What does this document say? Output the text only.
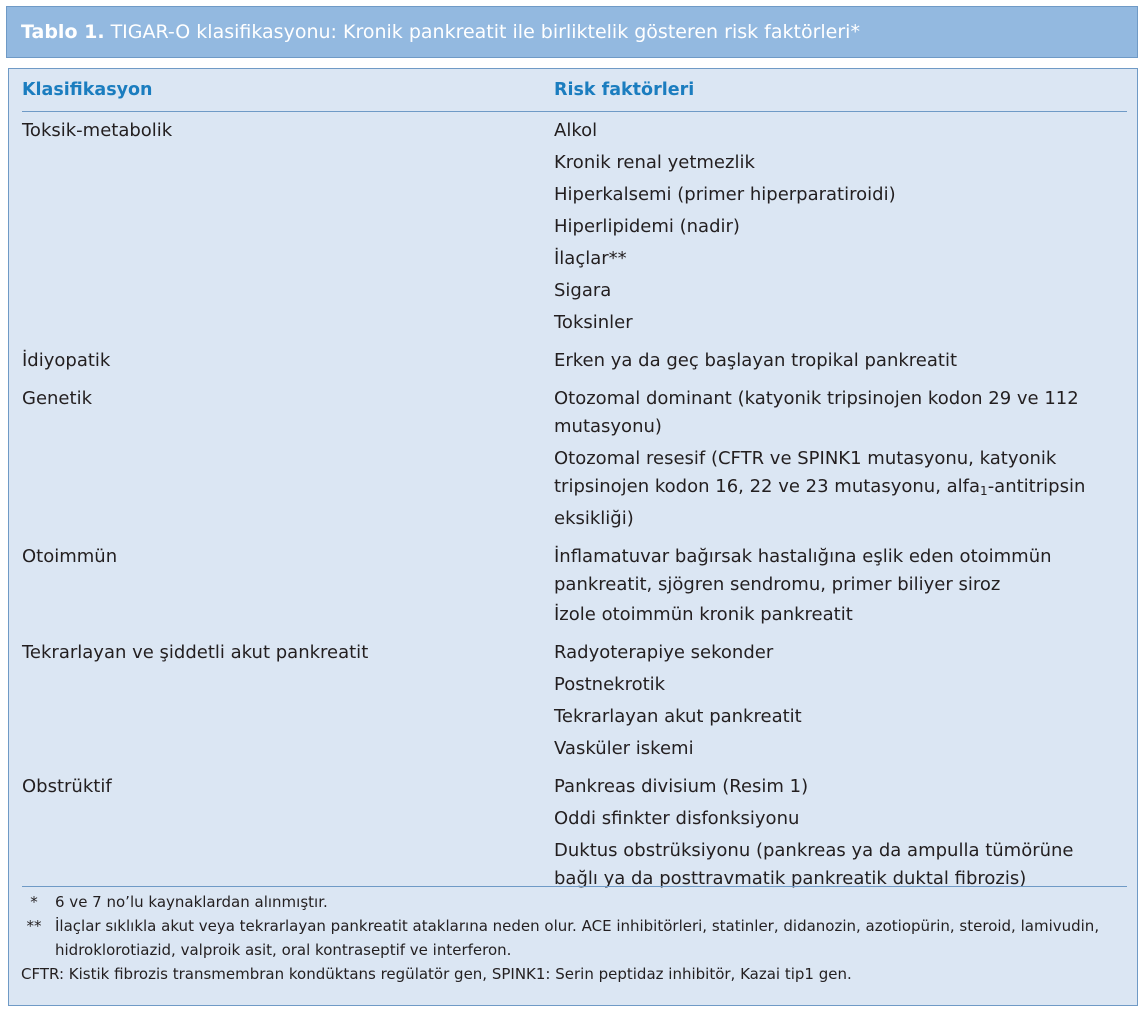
Tablo 1. TIGAR-O klasifikasyonu: Kronik pankreatit ile birliktelik gösteren risk faktörleri*
Klasifikasyon	Risk faktörleri
Toksik-metabolik	Alkol
Kronik renal yetmezlik
Hiperkalsemi (primer hiperparatiroidi)
Hiperlipidemi (nadir)
İlaçlar**
Sigara
Toksinler
İdiyopatik	Erken ya da geç başlayan tropikal pankreatit
Genetik	Otozomal dominant (katyonik tripsinojen kodon 29 ve 112 mutasyonu)
Otozomal resesif (CFTR ve SPINK1 mutasyonu, katyonik tripsinojen kodon 16, 22 ve 23 mutasyonu, alfa$_1$-antitripsin eksikliği)
Otoimmün	İnflamatuvar bağırsak hastalığına eşlik eden otoimmün pankreatit, sjögren sendromu, primer biliyer siroz
İzole otoimmün kronik pankreatit
Tekrarlayan ve şiddetli akut pankreatit	Radyoterapiye sekonder
Postnekrotik
Tekrarlayan akut pankreatit
Vasküler iskemi
Obstrüktif	Pankreas divisium (Resim 1)
Oddi sfinkter disfonksiyonu
Duktus obstrüksiyonu (pankreas ya da ampulla tümörüne bağlı ya da posttravmatik pankreatik duktal fibrozis)
*	6 ve 7 no’lu kaynaklardan alınmıştır.
** İlaçlar sıklıkla akut veya tekrarlayan pankreatit ataklarına neden olur. ACE inhibitörleri, statinler, didanozin, azotiopürin, steroid, lamivudin, hidroklorotiazid, valproik asit, oral kontraseptif ve interferon.
CFTR: Kistik fibrozis transmembran kondüktans regülatör gen, SPINK1: Serin peptidaz inhibitör, Kazai tip1 gen.
